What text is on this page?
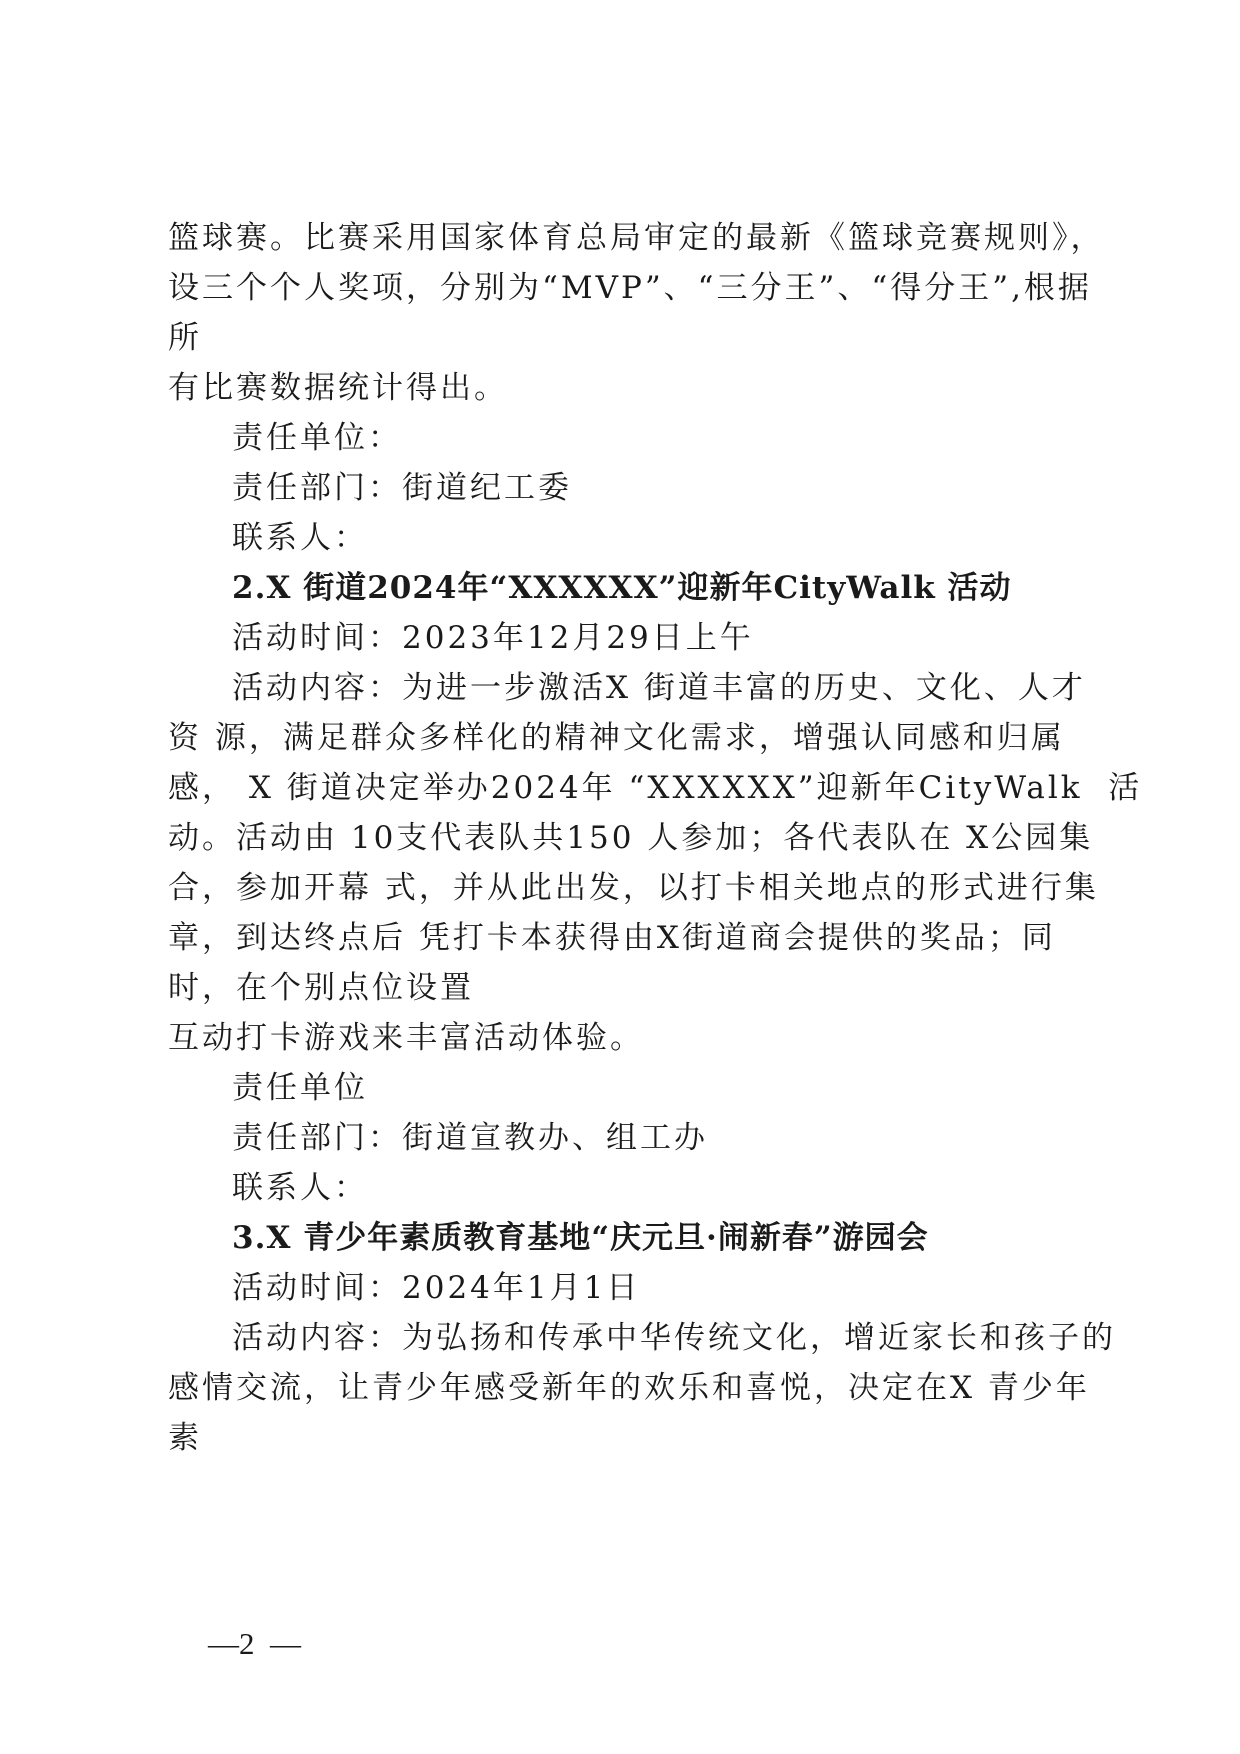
篮球赛。比赛采用国家体育总局审定的最新《篮球竞赛规则》，
设三个个人奖项，分别为“MVP”、“三分王”、“得分王”,根据
所
有比赛数据统计得出。
责任单位：
责任部门：街道纪工委
联系人：
2.X 街道2024年“XXXXXX”迎新年CityWalk 活动
活动时间：2023年12月29日上午
活动内容：为进一步激活X 街道丰富的历史、文化、人才
资 源，满足群众多样化的精神文化需求，增强认同感和归属
感， X 街道决定举办2024年 “XXXXXX”迎新年CityWalk  活
动。活动由 10支代表队共150 人参加；各代表队在 X公园集
合，参加开幕 式，并从此出发，以打卡相关地点的形式进行集
章，到达终点后 凭打卡本获得由X街道商会提供的奖品；同
时，在个别点位设置
互动打卡游戏来丰富活动体验。
责任单位
责任部门：街道宣教办、组工办
联系人：
3.X 青少年素质教育基地“庆元旦·闹新春”游园会
活动时间：2024年1月1日
活动内容：为弘扬和传承中华传统文化，增近家长和孩子的
感情交流，让青少年感受新年的欢乐和喜悦，决定在X 青少年
素
—2  —
